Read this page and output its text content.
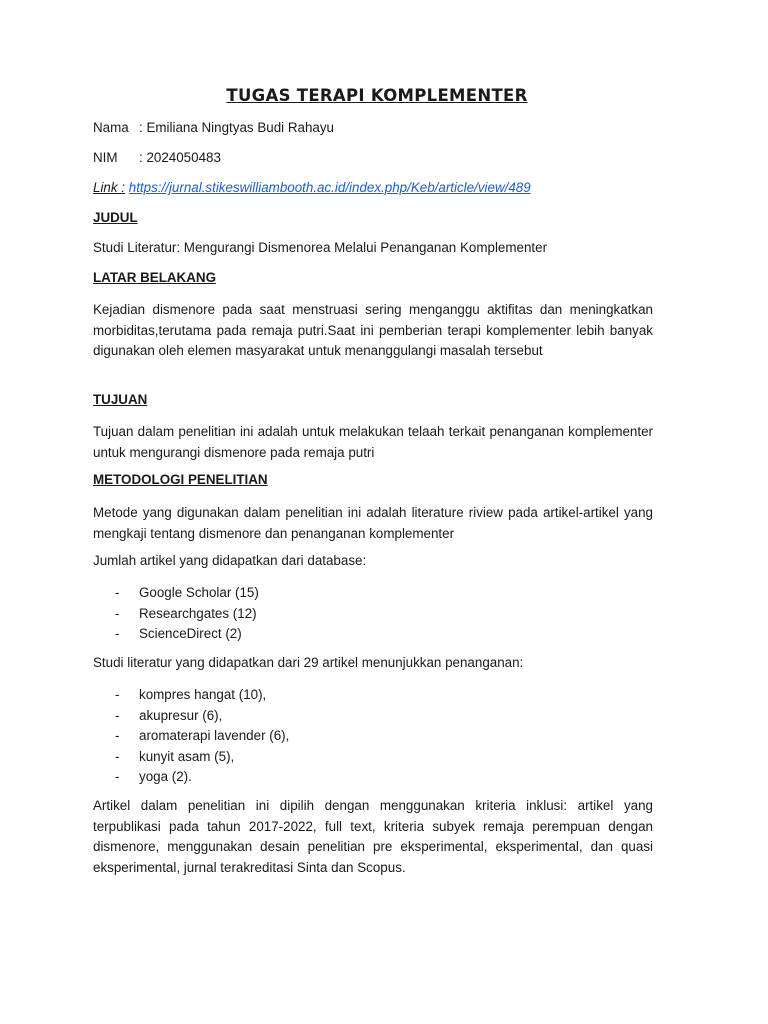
TUGAS TERAPI KOMPLEMENTER
Nama : Emiliana Ningtyas Budi Rahayu
NIM : 2024050483
Link : https://jurnal.stikeswilliambooth.ac.id/index.php/Keb/article/view/489
JUDUL
Studi Literatur: Mengurangi Dismenorea Melalui Penanganan Komplementer
LATAR BELAKANG
Kejadian dismenore pada saat menstruasi sering menganggu aktifitas dan meningkatkan morbiditas,terutama pada remaja putri.Saat ini pemberian terapi komplementer lebih banyak digunakan oleh elemen masyarakat untuk menanggulangi masalah tersebut
TUJUAN
Tujuan dalam penelitian ini adalah untuk melakukan telaah terkait penanganan komplementer untuk mengurangi dismenore pada remaja putri
METODOLOGI PENELITIAN
Metode yang digunakan dalam penelitian ini adalah literature riview pada artikel-artikel yang mengkaji tentang dismenore dan penanganan komplementer
Jumlah artikel yang didapatkan dari database:
- Google Scholar (15)
- Researchgates (12)
- ScienceDirect (2)
Studi literatur yang didapatkan dari 29 artikel menunjukkan penanganan:
- kompres hangat (10),
- akupresur (6),
- aromaterapi lavender (6),
- kunyit asam (5),
- yoga (2).
Artikel dalam penelitian ini dipilih dengan menggunakan kriteria inklusi: artikel yang terpublikasi pada tahun 2017-2022, full text, kriteria subyek remaja perempuan dengan dismenore, menggunakan desain penelitian pre eksperimental, eksperimental, dan quasi eksperimental, jurnal terakreditasi Sinta dan Scopus.
